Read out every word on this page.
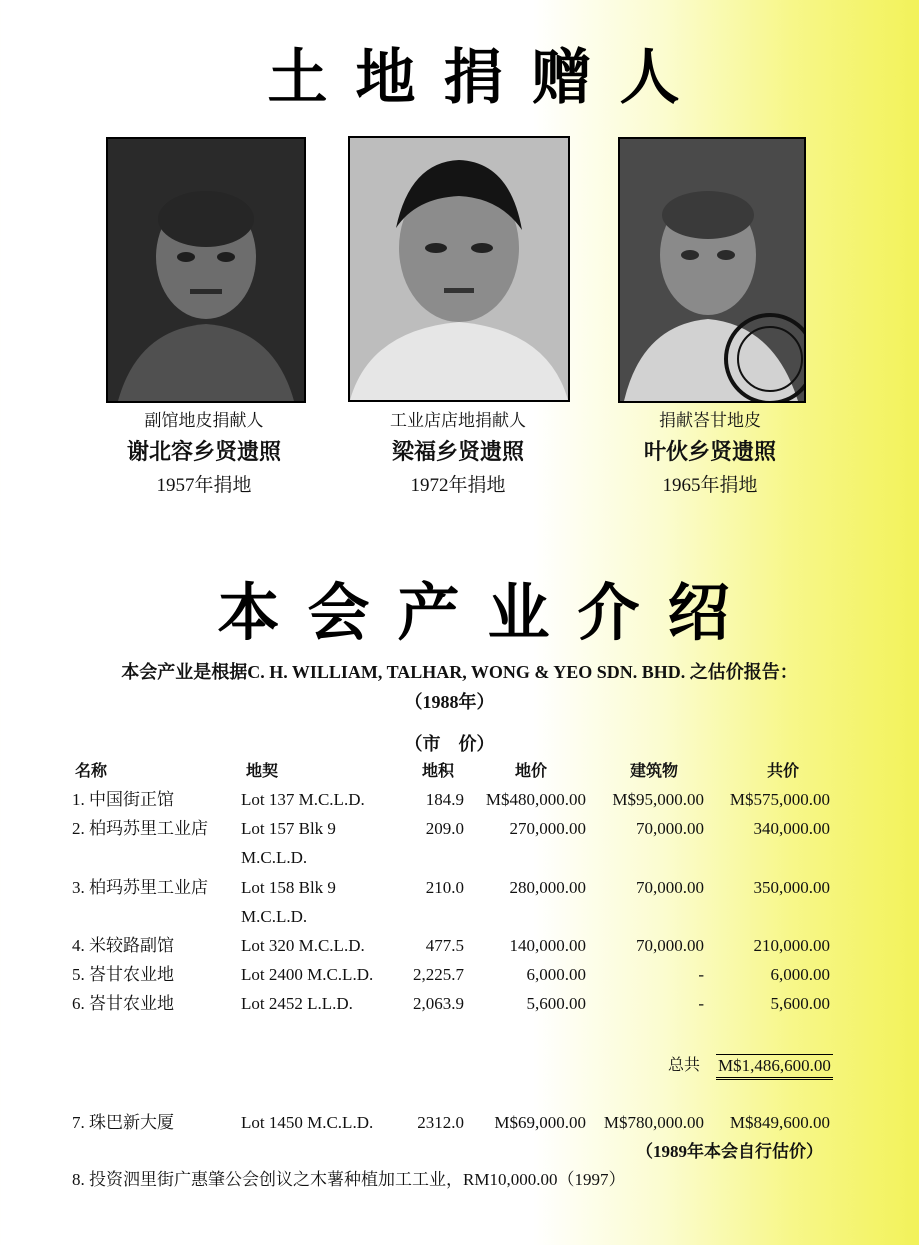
土地捐赠人
副馆地皮捐献人
谢北容乡贤遗照
1957年捐地
工业店店地捐献人
梁福乡贤遗照
1972年捐地
捐献峇甘地皮
叶伙乡贤遗照
1965年捐地
本会产业介绍
本会产业是根据C. H. WILLIAM, TALHAR, WONG & YEO SDN. BHD. 之估价报告：
（1988年）
（市　价）
名称	地契	地积	地价	建筑物	共价
1. 中国街正馆	Lot 137 M.C.L.D.	184.9	M$480,000.00	M$95,000.00	M$575,000.00
2. 柏玛苏里工业店 Lot 157 Blk 9	209.0	270,000.00	70,000.00	340,000.00
M.C.L.D.
3. 柏玛苏里工业店 Lot 158 Blk 9	210.0	280,000.00	70,000.00	350,000.00
M.C.L.D.
4. 米较路副馆	Lot 320 M.C.L.D.	477.5	140,000.00	70,000.00	210,000.00
5. 峇甘农业地	Lot 2400 M.C.L.D.	2,225.7	6,000.00	-	6,000.00
6. 峇甘农业地	Lot 2452 L.L.D.	2,063.9	5,600.00	-	5,600.00
总共 M$1,486,600.00
7. 珠巴新大厦	Lot 1450 M.C.L.D.	2312.0	M$69,000.00	M$780,000.00	M$849,600.00
（1989年本会自行估价）
8. 投资泗里街广惠肇公会创议之木薯种植加工工业，RM10,000.00（1997）
